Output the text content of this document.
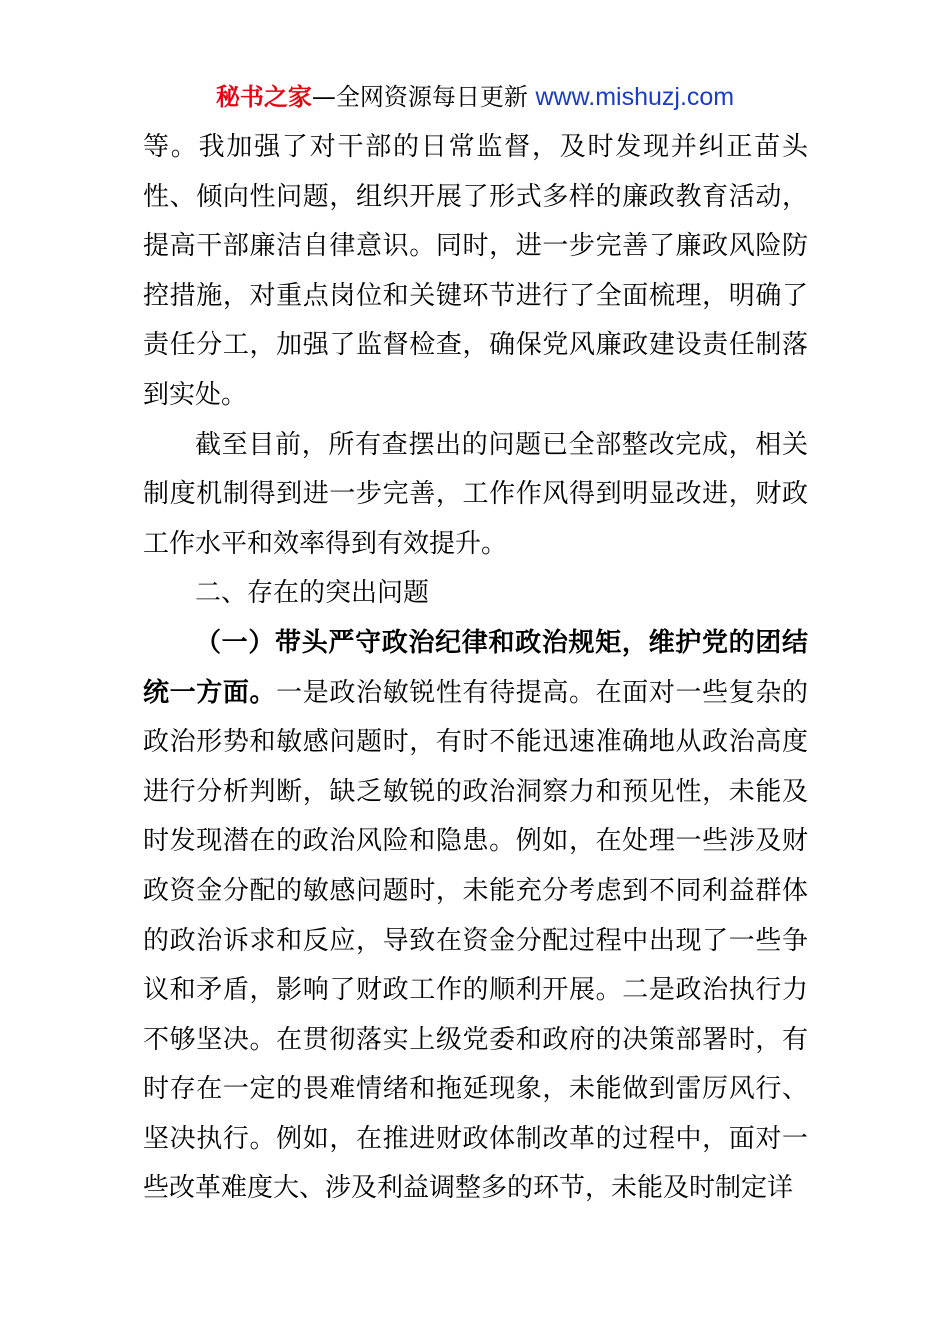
秘书之家—全网资源每日更新 www.mishuzj.com

等。我加强了对干部的日常监督，及时发现并纠正苗头性、倾向性问题，组织开展了形式多样的廉政教育活动，提高干部廉洁自律意识。同时，进一步完善了廉政风险防控措施，对重点岗位和关键环节进行了全面梳理，明确了责任分工，加强了监督检查，确保党风廉政建设责任制落到实处。

截至目前，所有查摆出的问题已全部整改完成，相关制度机制得到进一步完善，工作作风得到明显改进，财政工作水平和效率得到有效提升。

二、存在的突出问题

（一）带头严守政治纪律和政治规矩，维护党的团结统一方面。一是政治敏锐性有待提高。在面对一些复杂的政治形势和敏感问题时，有时不能迅速准确地从政治高度进行分析判断，缺乏敏锐的政治洞察力和预见性，未能及时发现潜在的政治风险和隐患。例如，在处理一些涉及财政资金分配的敏感问题时，未能充分考虑到不同利益群体的政治诉求和反应，导致在资金分配过程中出现了一些争议和矛盾，影响了财政工作的顺利开展。二是政治执行力不够坚决。在贯彻落实上级党委和政府的决策部署时，有时存在一定的畏难情绪和拖延现象，未能做到雷厉风行、坚决执行。例如，在推进财政体制改革的过程中，面对一些改革难度大、涉及利益调整多的环节，未能及时制定详
